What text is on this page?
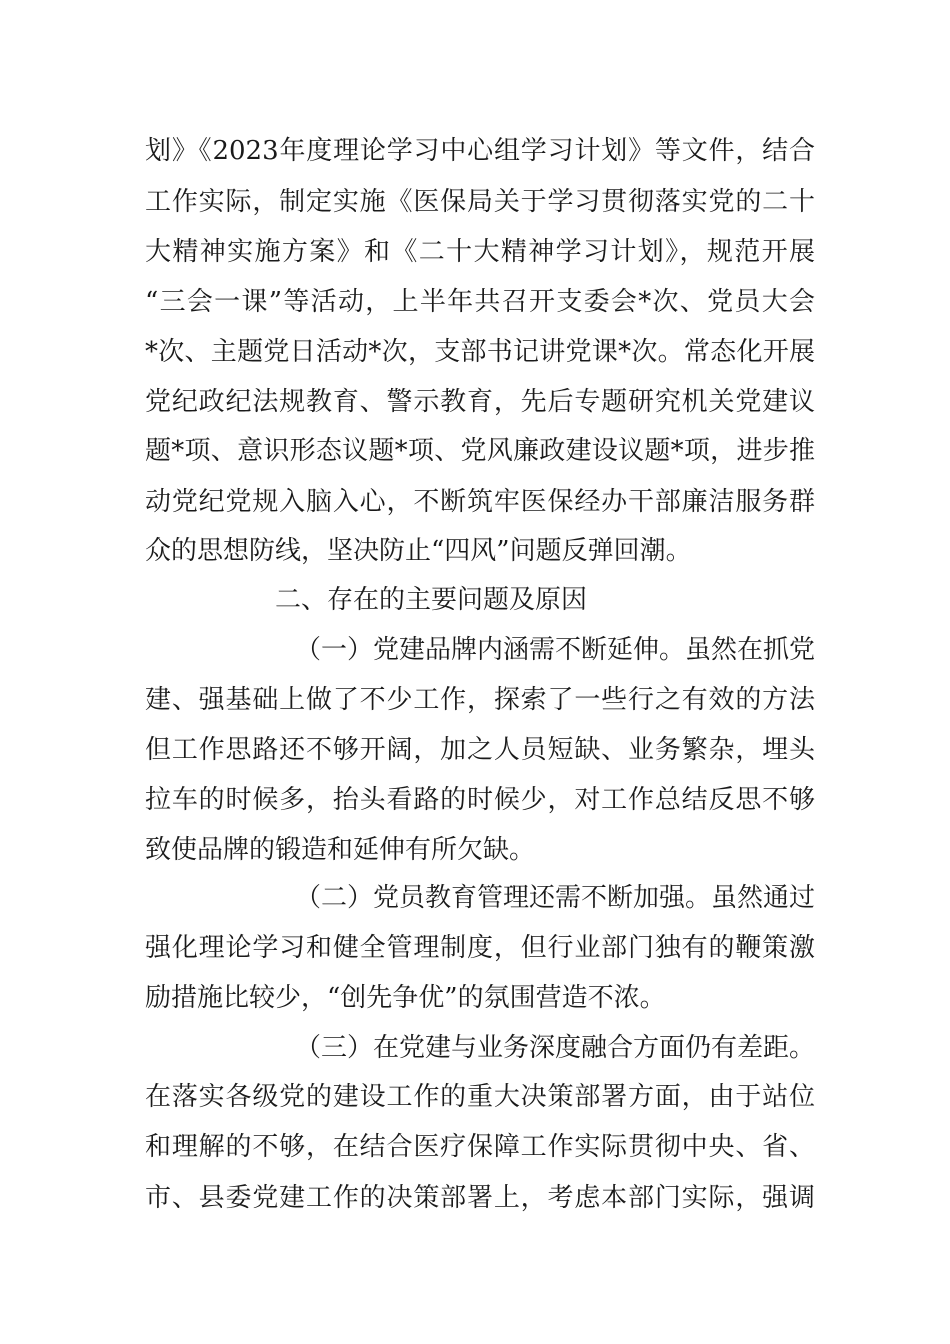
划》《2023年度理论学习中心组学习计划》等文件，结合
工作实际，制定实施《医保局关于学习贯彻落实党的二十
大精神实施方案》和《二十大精神学习计划》，规范开展
“三会一课”等活动，上半年共召开支委会*次、党员大会
*次、主题党日活动*次，支部书记讲党课*次。常态化开展
党纪政纪法规教育、警示教育，先后专题研究机关党建议
题*项、意识形态议题*项、党风廉政建设议题*项，进步推
动党纪党规入脑入心，不断筑牢医保经办干部廉洁服务群
众的思想防线，坚决防止“四风”问题反弹回潮。
二、存在的主要问题及原因
（一）党建品牌内涵需不断延伸。虽然在抓党
建、强基础上做了不少工作，探索了一些行之有效的方法
但工作思路还不够开阔，加之人员短缺、业务繁杂，埋头
拉车的时候多，抬头看路的时候少，对工作总结反思不够
致使品牌的锻造和延伸有所欠缺。
（二）党员教育管理还需不断加强。虽然通过
强化理论学习和健全管理制度，但行业部门独有的鞭策激
励措施比较少，“创先争优”的氛围营造不浓。
（三）在党建与业务深度融合方面仍有差距。
在落实各级党的建设工作的重大决策部署方面，由于站位
和理解的不够，在结合医疗保障工作实际贯彻中央、省、
市、县委党建工作的决策部署上，考虑本部门实际，强调
